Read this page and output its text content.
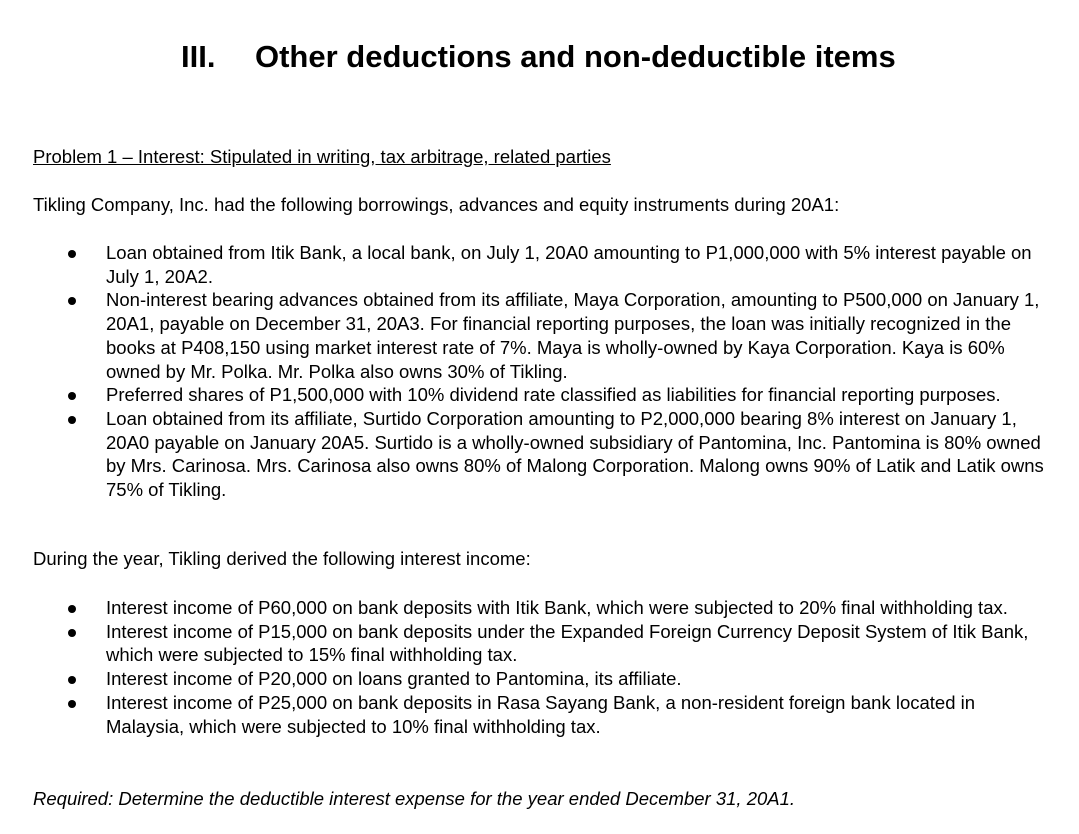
III. Other deductions and non-deductible items

Problem 1 – Interest: Stipulated in writing, tax arbitrage, related parties

Tikling Company, Inc. had the following borrowings, advances and equity instruments during 20A1:

Loan obtained from Itik Bank, a local bank, on July 1, 20A0 amounting to P1,000,000 with 5% interest payable on July 1, 20A2.
Non-interest bearing advances obtained from its affiliate, Maya Corporation, amounting to P500,000 on January 1, 20A1, payable on December 31, 20A3. For financial reporting purposes, the loan was initially recognized in the books at P408,150 using market interest rate of 7%. Maya is wholly-owned by Kaya Corporation. Kaya is 60% owned by Mr. Polka. Mr. Polka also owns 30% of Tikling.
Preferred shares of P1,500,000 with 10% dividend rate classified as liabilities for financial reporting purposes.
Loan obtained from its affiliate, Surtido Corporation amounting to P2,000,000 bearing 8% interest on January 1, 20A0 payable on January 20A5. Surtido is a wholly-owned subsidiary of Pantomina, Inc. Pantomina is 80% owned by Mrs. Carinosa. Mrs. Carinosa also owns 80% of Malong Corporation. Malong owns 90% of Latik and Latik owns 75% of Tikling.

During the year, Tikling derived the following interest income:

Interest income of P60,000 on bank deposits with Itik Bank, which were subjected to 20% final withholding tax.
Interest income of P15,000 on bank deposits under the Expanded Foreign Currency Deposit System of Itik Bank, which were subjected to 15% final withholding tax.
Interest income of P20,000 on loans granted to Pantomina, its affiliate.
Interest income of P25,000 on bank deposits in Rasa Sayang Bank, a non-resident foreign bank located in Malaysia, which were subjected to 10% final withholding tax.

Required: Determine the deductible interest expense for the year ended December 31, 20A1.
